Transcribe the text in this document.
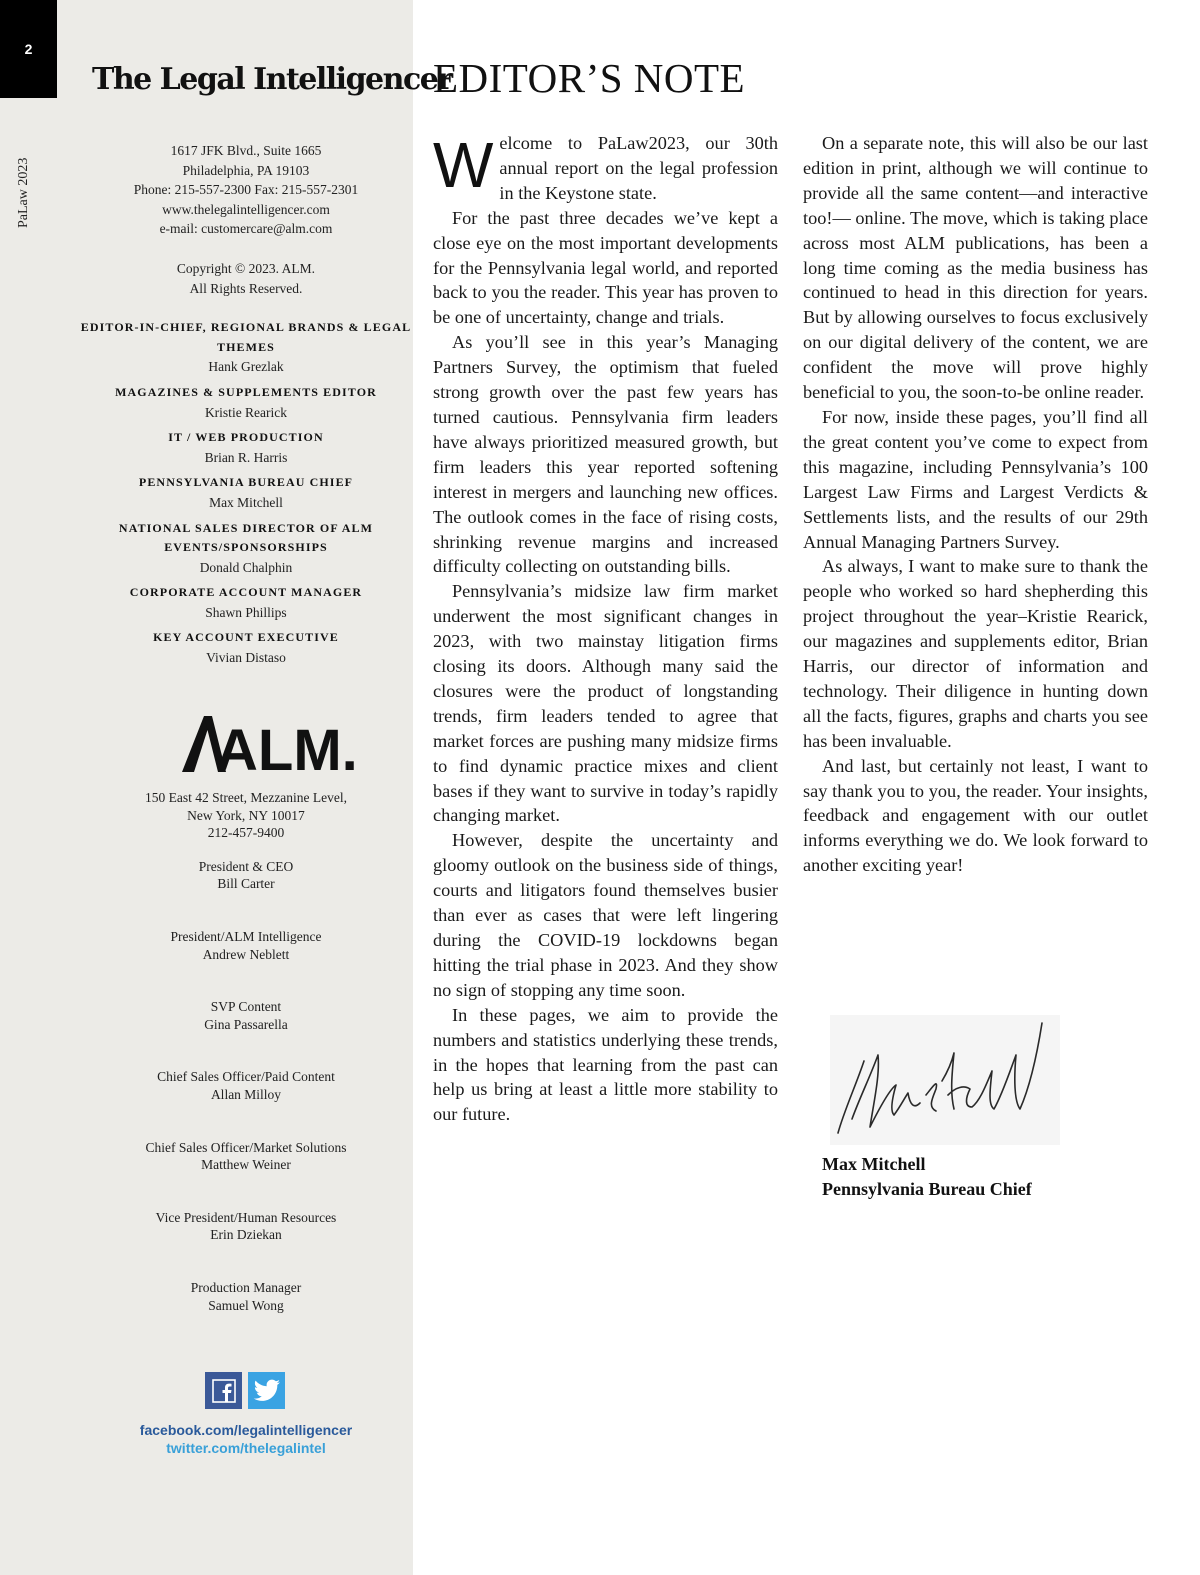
2
PaLaw 2023
The Legal Intelligencer
1617 JFK Blvd., Suite 1665
Philadelphia, PA 19103
Phone: 215-557-2300 Fax: 215-557-2301
www.thelegalintelligencer.com
e-mail: customercare@alm.com
Copyright © 2023. ALM.
All Rights Reserved.
EDITOR-IN-CHIEF, REGIONAL BRANDS & LEGAL THEMES
Hank Grezlak
MAGAZINES & SUPPLEMENTS EDITOR
Kristie Rearick
IT / WEB PRODUCTION
Brian R. Harris
PENNSYLVANIA BUREAU CHIEF
Max Mitchell
NATIONAL SALES DIRECTOR OF ALM EVENTS/SPONSORSHIPS
Donald Chalphin
CORPORATE ACCOUNT MANAGER
Shawn Phillips
KEY ACCOUNT EXECUTIVE
Vivian Distaso
ALM.
150 East 42 Street, Mezzanine Level,
New York, NY 10017
212-457-9400
President & CEO
Bill Carter
President/ALM Intelligence
Andrew Neblett
SVP Content
Gina Passarella
Chief Sales Officer/Paid Content
Allan Milloy
Chief Sales Officer/Market Solutions
Matthew Weiner
Vice President/Human Resources
Erin Dziekan
Production Manager
Samuel Wong
facebook.com/legalintelligencer
twitter.com/thelegalintel
EDITOR’S NOTE

Welcome to PaLaw2023, our 30th annual report on the legal profession in the Keystone state.

For the past three decades we’ve kept a close eye on the most important developments for the Pennsylvania legal world, and reported back to you the reader. This year has proven to be one of uncertainty, change and trials.

As you’ll see in this year’s Managing Partners Survey, the optimism that fueled strong growth over the past few years has turned cautious. Pennsylvania firm leaders have always prioritized measured growth, but firm leaders this year reported softening interest in mergers and launching new offices. The outlook comes in the face of rising costs, shrinking revenue margins and increased difficulty collecting on outstanding bills.

Pennsylvania’s midsize law firm market underwent the most significant changes in 2023, with two mainstay litigation firms closing its doors. Although many said the closures were the product of longstanding trends, firm leaders tended to agree that market forces are pushing many midsize firms to find dynamic practice mixes and client bases if they want to survive in today’s rapidly changing market.

However, despite the uncertainty and gloomy outlook on the business side of things, courts and litigators found themselves busier than ever as cases that were left lingering during the COVID-19 lockdowns began hitting the trial phase in 2023. And they show no sign of stopping any time soon.

In these pages, we aim to provide the numbers and statistics underlying these trends, in the hopes that learning from the past can help us bring at least a little more stability to our future.

On a separate note, this will also be our last edition in print, although we will continue to provide all the same content—and interactive too!— online. The move, which is taking place across most ALM publications, has been a long time coming as the media business has continued to head in this direction for years. But by allowing ourselves to focus exclusively on our digital delivery of the content, we are confident the move will prove highly beneficial to you, the soon-to-be online reader.

For now, inside these pages, you’ll find all the great content you’ve come to expect from this magazine, including Pennsylvania’s 100 Largest Law Firms and Largest Verdicts & Settlements lists, and the results of our 29th Annual Managing Partners Survey.

As always, I want to make sure to thank the people who worked so hard shepherding this project throughout the year–Kristie Rearick, our magazines and supplements editor, Brian Harris, our director of information and technology. Their diligence in hunting down all the facts, figures, graphs and charts you see has been invaluable.

And last, but certainly not least, I want to say thank you to you, the reader. Your insights, feedback and engagement with our outlet informs everything we do. We look forward to another exciting year!

Max Mitchell
Max Mitchell
Pennsylvania Bureau Chief
